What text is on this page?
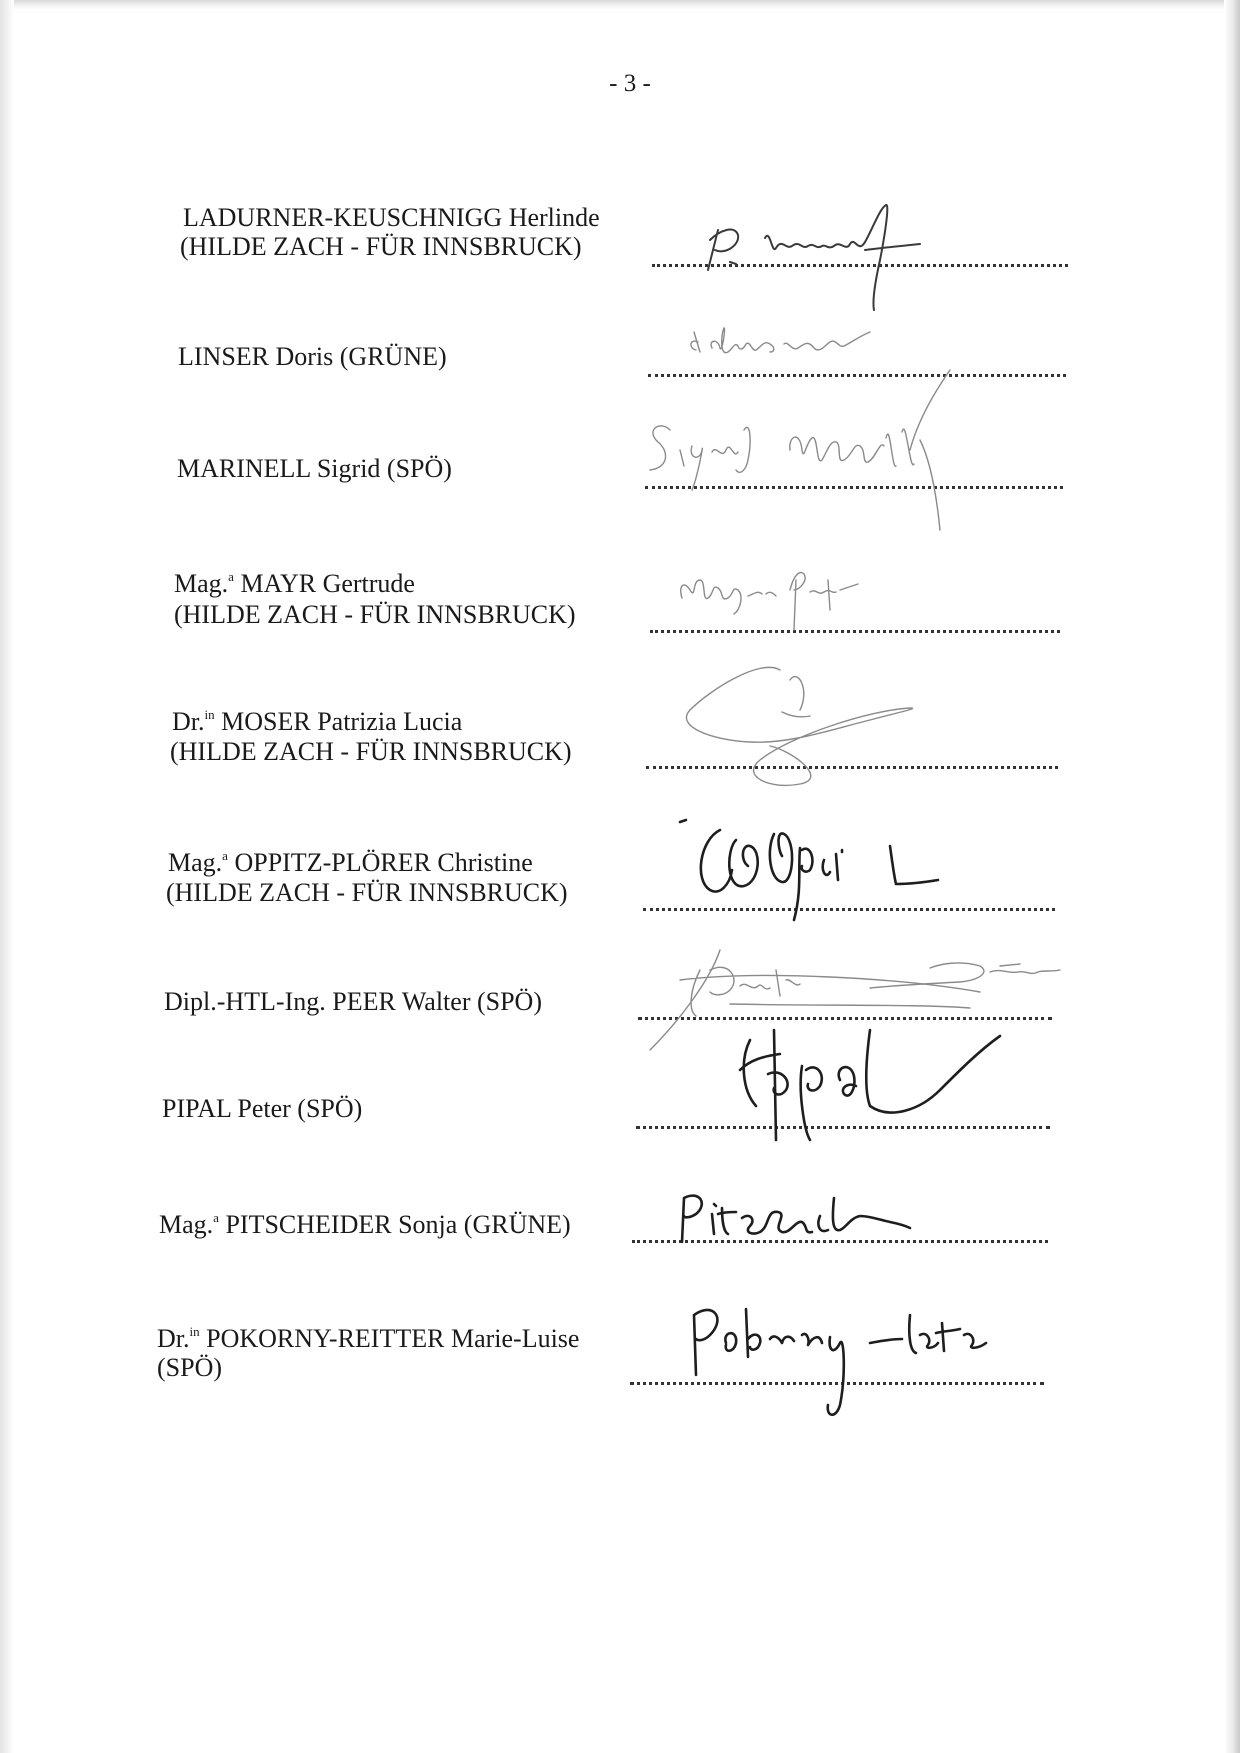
- 3 -
LADURNER-KEUSCHNIGG Herlinde
(HILDE ZACH - FÜR INNSBRUCK)
LINSER Doris (GRÜNE)
MARINELL Sigrid (SPÖ)
Mag.$^a$ MAYR Gertrude
(HILDE ZACH - FÜR INNSBRUCK)
Dr.$^{in}$ MOSER Patrizia Lucia
(HILDE ZACH - FÜR INNSBRUCK)
Mag.$^a$ OPPITZ-PLÖRER Christine
(HILDE ZACH - FÜR INNSBRUCK)
Dipl.-HTL-Ing. PEER Walter (SPÖ)
PIPAL Peter (SPÖ)
Mag.$^a$ PITSCHEIDER Sonja (GRÜNE)
Dr.$^{in}$ POKORNY-REITTER Marie-Luise
(SPÖ)
